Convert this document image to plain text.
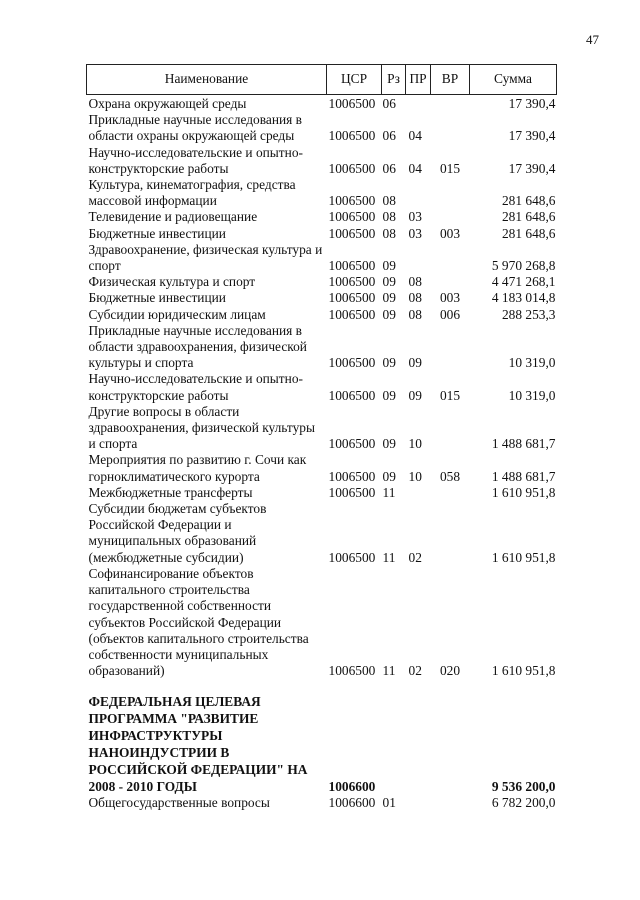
47
Наименование	ЦСР	Рз	ПР	ВР	Сумма
Охрана окружающей среды	1006500	06			17 390,4
Прикладные научные исследования в области охраны окружающей среды	1006500	06	04		17 390,4
Научно-исследовательские и опытно-конструкторские работы	1006500	06	04	015	17 390,4
Культура, кинематография, средства массовой информации	1006500	08			281 648,6
Телевидение и радиовещание	1006500	08	03		281 648,6
Бюджетные инвестиции	1006500	08	03	003	281 648,6
Здравоохранение, физическая культура и спорт	1006500	09			5 970 268,8
Физическая культура и спорт	1006500	09	08		4 471 268,1
Бюджетные инвестиции	1006500	09	08	003	4 183 014,8
Субсидии юридическим лицам	1006500	09	08	006	288 253,3
Прикладные научные исследования в области здравоохранения, физической культуры и спорта	1006500	09	09		10 319,0
Научно-исследовательские и опытно-конструкторские работы	1006500	09	09	015	10 319,0
Другие вопросы в области здравоохранения, физической культуры и спорта	1006500	09	10		1 488 681,7
Мероприятия по развитию г. Сочи как горноклиматического курорта	1006500	09	10	058	1 488 681,7
Межбюджетные трансферты	1006500	11			1 610 951,8
Субсидии бюджетам субъектов Российской Федерации и муниципальных образований (межбюджетные субсидии)	1006500	11	02		1 610 951,8
Софинансирование объектов капитального строительства государственной собственности субъектов Российской Федерации (объектов капитального строительства собственности муниципальных образований)	1006500	11	02	020	1 610 951,8
ФЕДЕРАЛЬНАЯ ЦЕЛЕВАЯ ПРОГРАММА "РАЗВИТИЕ ИНФРАСТРУКТУРЫ НАНОИНДУСТРИИ В РОССИЙСКОЙ ФЕДЕРАЦИИ" НА 2008 - 2010 ГОДЫ	1006600				9 536 200,0
Общегосударственные вопросы	1006600	01			6 782 200,0
